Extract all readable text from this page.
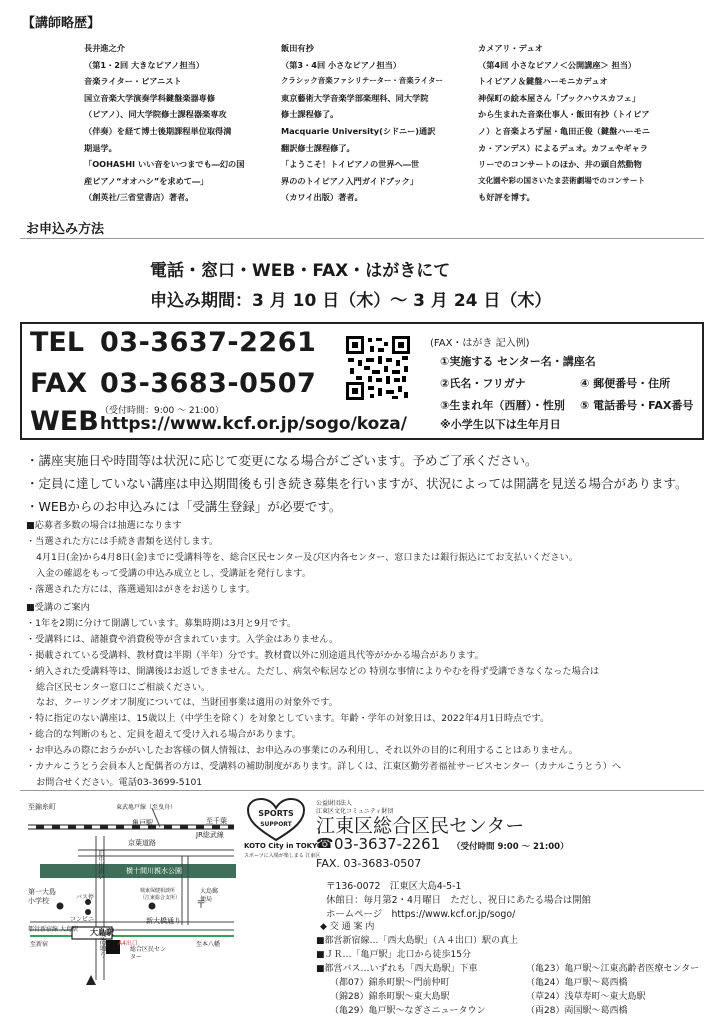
【講師略歴】
長井進之介
（第1・2回 大きなピアノ担当）
音楽ライター・ピアニスト
国立音楽大学演奏学科鍵盤楽器専修
（ピアノ）、同大学院修士課程器楽専攻
（伴奏）を経て博士後期課程単位取得満
期退学。
「OOHASHI いい音をいつまでも―幻の国
産ピアノ“オオハシ”を求めて―」
（創英社/三省堂書店）著者。
飯田有抄
（第3・4回 小さなピアノ担当）
クラシック音楽ファシリテーター・音楽ライター
東京藝術大学音楽学部楽理科、同大学院
修士課程修了。
Macquarie University(シドニー)通訳
翻訳修士課程修了。
「ようこそ！トイピアノの世界へ―世
界ののトイピアノ入門ガイドブック」
（カワイ出版）著者。
カメアリ・デュオ
（第4回 小さなピアノ＜公開講座＞ 担当）
トイピアノ＆鍵盤ハーモニカデュオ
神保町の絵本屋さん「ブックハウスカフェ」
から生まれた音楽仕事人・飯田有抄（トイピア
ノ）と音楽よろず屋・亀田正俊（鍵盤ハーモニ
カ・アンデス）によるデュオ。カフェやギャラ
リーでのコンサートのほか、井の頭自然動物
文化園や彩の国さいたま芸術劇場でのコンサート
も好評を博す。
お申込み方法
電話・窓口・WEB・FAX・はがきにて
申込み期間：3 月 10 日（木）～ 3 月 24 日（木）
TEL 03-3637-2261
FAX 03-3683-0507
（受付時間：9:00 ～ 21:00）
WEB https://www.kcf.or.jp/sogo/koza/
(FAX・はがき 記入例)
①実施する センター名・講座名
②氏名・フリガナ	④ 郵便番号・住所
③生まれ年（西暦）・性別 ⑤ 電話番号・FAX番号
※小学生以下は生年月日
・講座実施日や時間等は状況に応じて変更になる場合がございます。予めご了承ください。
・定員に達していない講座は申込期間後も引き続き募集を行いますが、状況によっては開講を見送る場合があります。
・WEBからのお申込みには「受講生登録」が必要です。
■応募者多数の場合は抽選になります
・当選された方には手続き書類を送付します。
4月1日(金)から4月8日(金)までに受講料等を、総合区民センター及び区内各センター、窓口または銀行振込にてお支払いください。
入金の確認をもって受講の申込み成立とし、受講証を発行します。
・落選された方には、落選通知はがきをお送りします。
■受講のご案内
・1年を2期に分けて開講しています。募集時期は3月と9月です。
・受講料には、諸雑費や消費税等が含まれています。入学金はありません。
・掲載されている受講料、教材費は半期（半年）分です。教材費以外に別途道具代等がかかる場合があります。
・納入された受講料等は、開講後はお返しできません。ただし、病気や転居などの 特別な事情によりやむを得ず受講できなくなった場合は
総合区民センター窓口にご相談ください。
なお、クーリングオフ制度については、当財団事業は適用の対象外です。
・特に指定のない講座は、15歳以上（中学生を除く）を対象としています。年齢・学年の対象日は、2022年4月1日時点です。
・総合的な判断のもと、定員を超えて受け入れる場合があります。
・お申込みの際におうかがいしたお客様の個人情報は、お申込みの事業にのみ利用し、それ以外の目的に利用することはありません。
・カナルこうとう会員本人と配偶者の方は、受講料の補助制度があります。詳しくは、江東区勤労者福祉サービスセンター（カナルこうとう）へ
お問合せください。電話03-3699-5101
〒
至錦糸町	東武亀戸線（至曳舟）
亀戸駅	至千葉
JR総武線
京葉道路
明治通り
旧中川沿い	横十間川親水公園
第一大島小学校	バス停
コンビニ
城東保健相談所（江東総合支所）
大島郵便局
都営新宿線 大島駅 大島駅
新大橋通り
至新宿	至本八幡
A4出口
総合区民センター
SPORTS
SUPPORT
KOTO City in TOKYO
スポーツに入場が楽しまる 江東区
公益財団法人
江東区文化コミュニティ財団
江東区総合区民センター
☎ 03-3637-2261 （受付時間 9:00 ～ 21:00）
FAX. 03-3683-0507
〒136-0072　江東区大島4-5-1
休館日：毎月第2・4月曜日　ただし、祝日にあたる場合は開館
ホームページ　https://www.kcf.or.jp/sogo/
◆ 交 通 案 内
■都営新宿線…「西大島駅」（Ａ４出口）駅の真上
■ＪＲ…「亀戸駅」北口から徒歩15分
■都営バス…いずれも「西大島駅」下車
（都07）錦糸町駅～門前仲町
（錦28）錦糸町駅～東大島駅
（亀29）亀戸駅～なぎさニュータウン
（亀23）亀戸駅～江東高齢者医療センター
（亀24）亀戸駅～葛西橋
（草24）浅草寿町～東大島駅
（両28）両国駅～葛西橋
